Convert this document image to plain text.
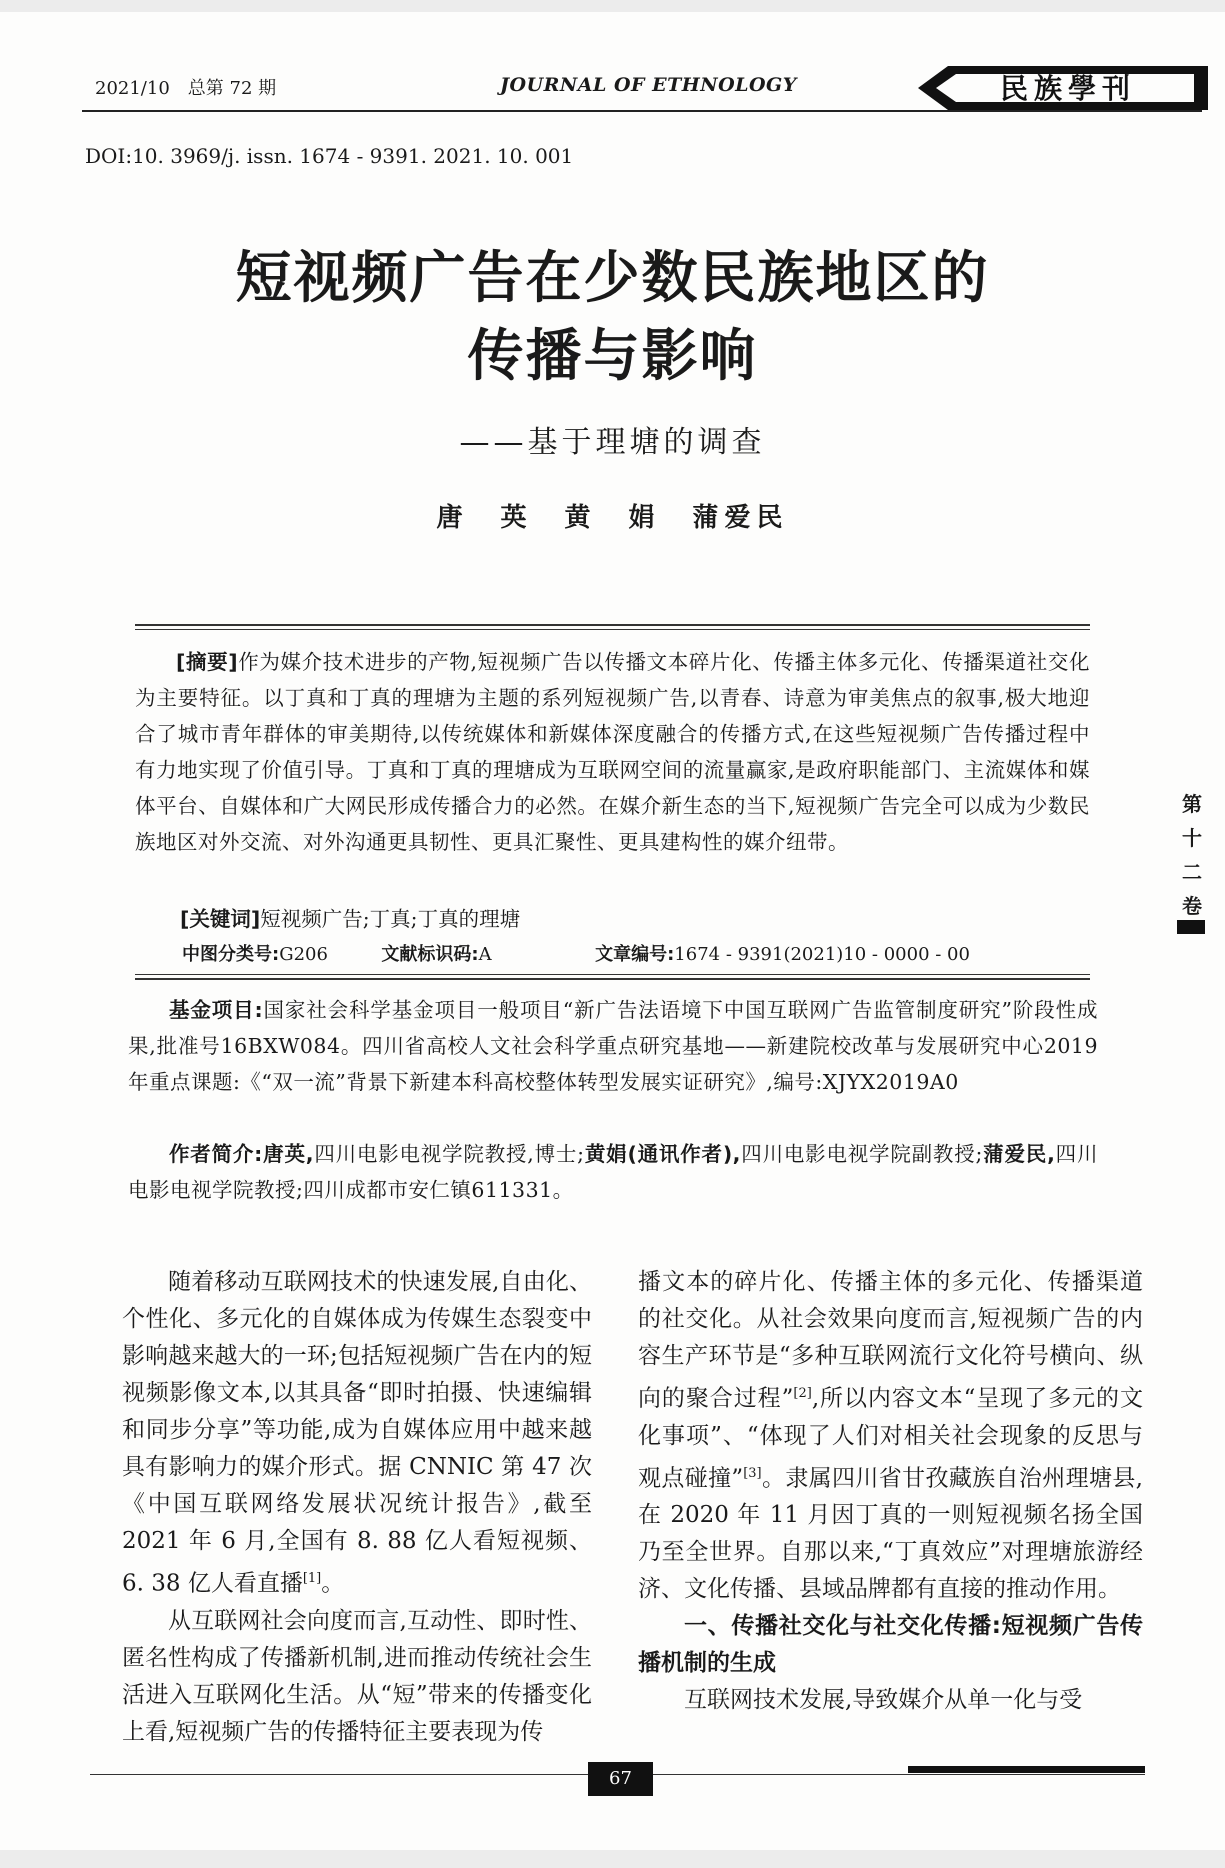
2021/10　总第 72 期	JOURNAL OF ETHNOLOGY	民族學刊
DOI:10. 3969/j. issn. 1674 - 9391. 2021. 10. 001
短视频广告在少数民族地区的
传播与影响
——基于理塘的调查
唐　英　黄　娟　蒲爱民
[摘要]作为媒介技术进步的产物,短视频广告以传播文本碎片化、传播主体多元化、传播渠道社交化为主要特征。以丁真和丁真的理塘为主题的系列短视频广告,以青春、诗意为审美焦点的叙事,极大地迎合了城市青年群体的审美期待,以传统媒体和新媒体深度融合的传播方式,在这些短视频广告传播过程中有力地实现了价值引导。丁真和丁真的理塘成为互联网空间的流量赢家,是政府职能部门、主流媒体和媒体平台、自媒体和广大网民形成传播合力的必然。在媒介新生态的当下,短视频广告完全可以成为少数民族地区对外交流、对外沟通更具韧性、更具汇聚性、更具建构性的媒介纽带。
[关键词]短视频广告;丁真;丁真的理塘
中图分类号:G206	文献标识码:A	文章编号:1674 - 9391(2021)10 - 0000 - 00
基金项目:国家社会科学基金项目一般项目“新广告法语境下中国互联网广告监管制度研究”阶段性成果,批准号16BXW084。四川省高校人文社会科学重点研究基地——新建院校改革与发展研究中心2019年重点课题:《“双一流”背景下新建本科高校整体转型发展实证研究》,编号:XJYX2019A0
作者简介:唐英,四川电影电视学院教授,博士;黄娟(通讯作者),四川电影电视学院副教授;蒲爱民,四川电影电视学院教授;四川成都市安仁镇611331。
随着移动互联网技术的快速发展,自由化、个性化、多元化的自媒体成为传媒生态裂变中影响越来越大的一环;包括短视频广告在内的短视频影像文本,以其具备“即时拍摄、快速编辑和同步分享”等功能,成为自媒体应用中越来越具有影响力的媒介形式。据 CNNIC 第 47 次《中国互联网络发展状况统计报告》,截至 2021 年 6 月,全国有 8. 88 亿人看短视频、6. 38 亿人看直播[1]。
从互联网社会向度而言,互动性、即时性、匿名性构成了传播新机制,进而推动传统社会生活进入互联网化生活。从“短”带来的传播变化上看,短视频广告的传播特征主要表现为传
播文本的碎片化、传播主体的多元化、传播渠道的社交化。从社会效果向度而言,短视频广告的内容生产环节是“多种互联网流行文化符号横向、纵向的聚合过程”[2],所以内容文本“呈现了多元的文化事项”、“体现了人们对相关社会现象的反思与观点碰撞”[3]。隶属四川省甘孜藏族自治州理塘县,在 2020 年 11 月因丁真的一则短视频名扬全国乃至全世界。自那以来,“丁真效应”对理塘旅游经济、文化传播、县域品牌都有直接的推动作用。
一、传播社交化与社交化传播:短视频广告传播机制的生成
互联网技术发展,导致媒介从单一化与受
第
十
二
卷
67
